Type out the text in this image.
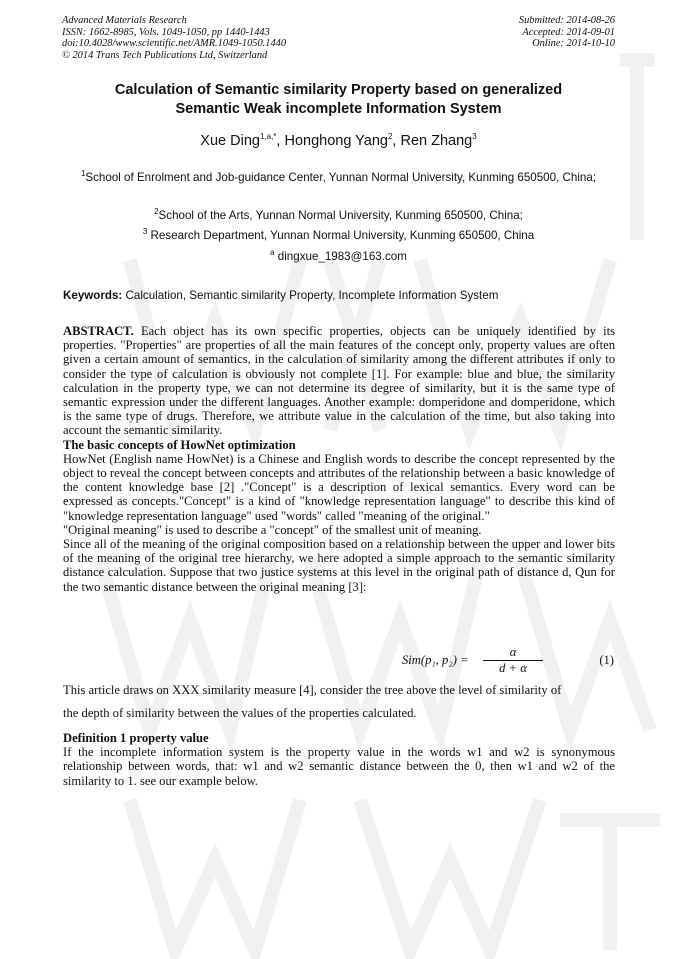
Advanced Materials Research
ISSN: 1662-8985, Vols. 1049-1050, pp 1440-1443
doi:10.4028/www.scientific.net/AMR.1049-1050.1440
© 2014 Trans Tech Publications Ltd, Switzerland
Submitted: 2014-08-26
Accepted: 2014-09-01
Online: 2014-10-10
Calculation of Semantic similarity Property based on generalized
Semantic Weak incomplete Information System
Xue Ding$^{1,a,*}$, Honghong Yang$^2$, Ren Zhang$^3$
$^1$School of Enrolment and Job-guidance Center, Yunnan Normal University, Kunming 650500, China;
$^2$School of the Arts, Yunnan Normal University, Kunming 650500, China;
$^3$ Research Department, Yunnan Normal University, Kunming 650500, China
$^a$ dingxue_1983@163.com
Keywords: Calculation, Semantic similarity Property, Incomplete Information System

ABSTRACT. Each object has its own specific properties, objects can be uniquely identified by its properties. "Properties" are properties of all the main features of the concept only, property values are often given a certain amount of semantics, in the calculation of similarity among the different attributes if only to consider the type of calculation is obviously not complete [1]. For example: blue and blue, the similarity calculation in the property type, we can not determine its degree of similarity, but it is the same type of semantic expression under the different languages. Another example: domperidone and domperidone, which is the same type of drugs. Therefore, we attribute value in the calculation of the time, but also taking into account the semantic similarity.

The basic concepts of HowNet optimization

HowNet (English name HowNet) is a Chinese and English words to describe the concept represented by the object to reveal the concept between concepts and attributes of the relationship between a basic knowledge of the content knowledge base [2] ."Concept" is a description of lexical semantics. Every word can be expressed as concepts."Concept" is a kind of "knowledge representation language" to describe this kind of "knowledge representation language" used "words" called "meaning of the original."

"Original meaning" is used to describe a "concept" of the smallest unit of meaning.

Since all of the meaning of the original composition based on a relationship between the upper and lower bits of the meaning of the original tree hierarchy, we here adopted a simple approach to the semantic similarity distance calculation. Suppose that two justice systems at this level in the original path of distance d, Qun for the two semantic distance between the original meaning [3]:

Sim(p₁, p₂) =
α
d + α
(1)
This article draws on XXX similarity measure [4], consider the tree above the level of similarity of
the depth of similarity between the values of the properties calculated.

Definition 1 property value

If the incomplete information system is the property value in the words w1 and w2 is synonymous relationship between words, that: w1 and w2 semantic distance between the 0, then w1 and w2 of the similarity to 1. see our example below.
